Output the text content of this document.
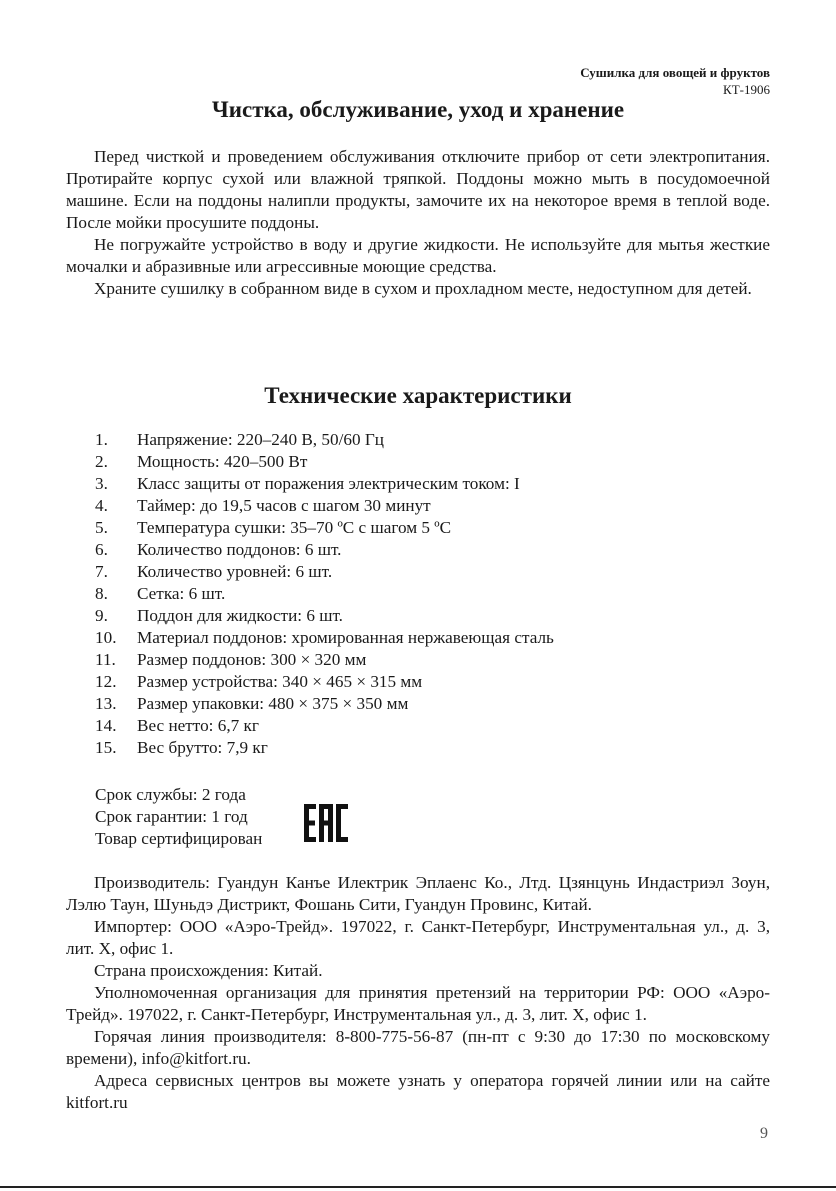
Сушилка для овощей и фруктов
КТ-1906
Чистка, обслуживание, уход и хранение

Перед чисткой и проведением обслуживания отключите прибор от сети электропитания. Протирайте корпус сухой или влажной тряпкой. Поддоны можно мыть в посудомоечной машине. Если на поддоны налипли продукты, замочите их на некоторое время в теплой воде. После мойки просушите поддоны.

Не погружайте устройство в воду и другие жидкости. Не используйте для мытья жесткие мочалки и абразивные или агрессивные моющие средства.

Храните сушилку в собранном виде в сухом и прохладном месте, недоступном для детей.

Технические характеристики
1.	Напряжение: 220–240 В, 50/60 Гц
2.	Мощность: 420–500 Вт
3.	Класс защиты от поражения электрическим током: I
4.	Таймер: до 19,5 часов с шагом 30 минут
5.	Температура сушки: 35–70 ºС с шагом 5 ºС
6.	Количество поддонов: 6 шт.
7.	Количество уровней: 6 шт.
8.	Сетка: 6 шт.
9.	Поддон для жидкости: 6 шт.
10.	Материал поддонов: хромированная нержавеющая сталь
11.	Размер поддонов: 300 × 320 мм
12.	Размер устройства: 340 × 465 × 315 мм
13.	Размер упаковки: 480 × 375 × 350 мм
14.	Вес нетто: 6,7 кг
15.	Вес брутто: 7,9 кг
Срок службы: 2 года
Срок гарантии: 1 год
Товар сертифицирован

Производитель: Гуандун Канъе Илектрик Эплаенс Ко., Лтд. Цзянцунь Индастриэл Зоун, Лэлю Таун, Шуньдэ Дистрикт, Фошань Сити, Гуандун Провинс, Китай.

Импортер: ООО «Аэро-Трейд». 197022, г. Санкт-Петербург, Инструментальная ул., д. 3, лит. Х, офис 1.

Страна происхождения: Китай.

Уполномоченная организация для принятия претензий на территории РФ: ООО «Аэро-Трейд». 197022, г. Санкт-Петербург, Инструментальная ул., д. 3, лит. Х, офис 1.

Горячая линия производителя: 8-800-775-56-87 (пн-пт с 9:30 до 17:30 по московскому времени), info@kitfort.ru.

Адреса сервисных центров вы можете узнать у оператора горячей линии или на сайте kitfort.ru

9
